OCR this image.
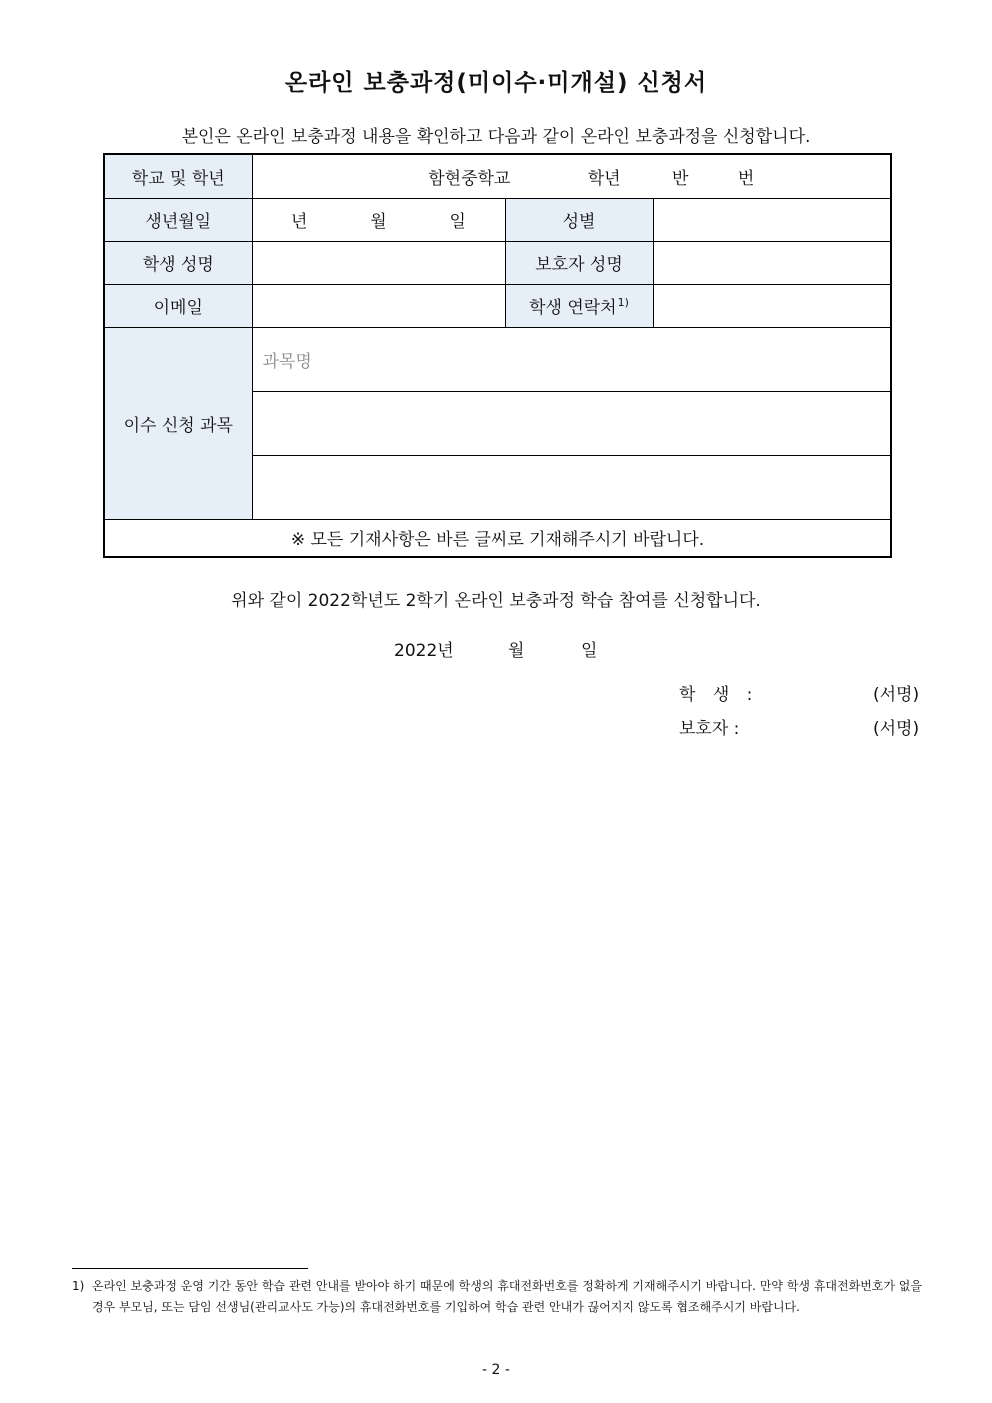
온라인 보충과정(미이수·미개설) 신청서
본인은 온라인 보충과정 내용을 확인하고 다음과 같이 온라인 보충과정을 신청합니다.
학교 및 학년	함현중학교 학년 반 번		
생년월일	년 월 일	성별	
학생 성명		보호자 성명	
이메일		학생 연락처$^{1)}$	
이수 신청 과목	과목명		

※ 모든 기재사항은 바른 글씨로 기재해주시기 바랍니다.			
위와 같이 2022학년도 2학기 온라인 보충과정 학습 참여를 신청합니다.
2022년	월	일
학 생 :	(서명)
보호자 :	(서명)
1) 온라인 보충과정 운영 기간 동안 학습 관련 안내를 받아야 하기 때문에 학생의 휴대전화번호를 정확하게 기재해주시기 바랍니다. 만약 학생 휴대전화번호가 없을 경우 부모님, 또는 담임 선생님(관리교사도 가능)의 휴대전화번호를 기입하여 학습 관련 안내가 끊어지지 않도록 협조해주시기 바랍니다.
- 2 -
